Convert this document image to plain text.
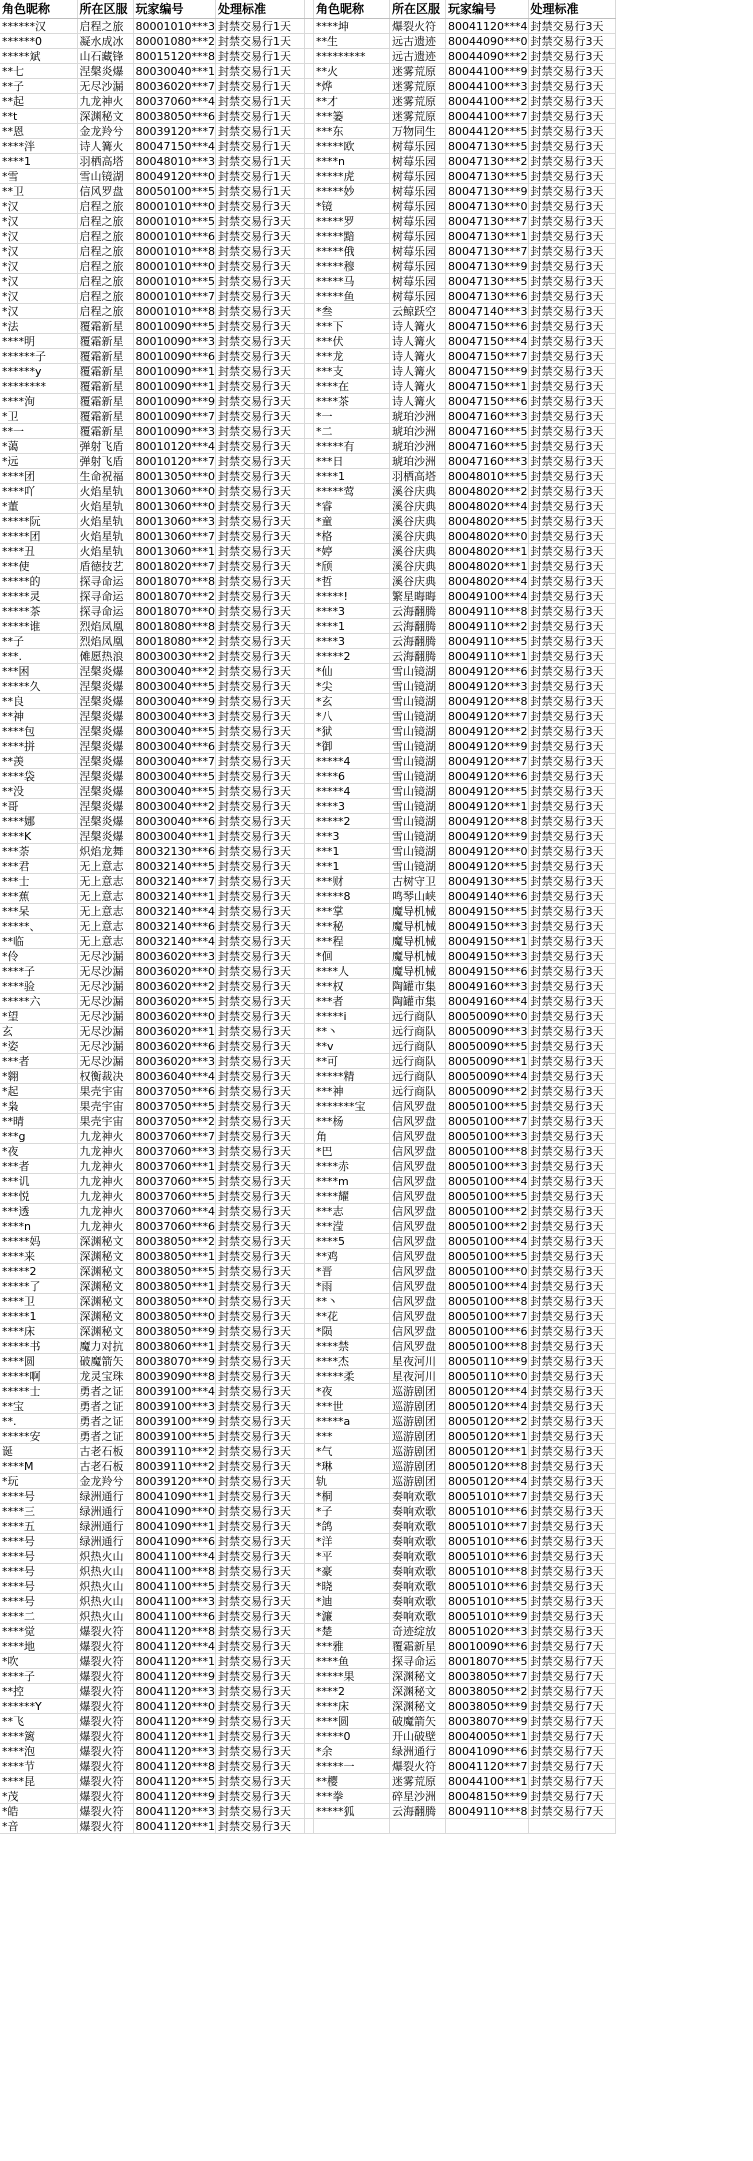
角色昵称	所在区服	玩家编号	处理标准		角色昵称	所在区服	玩家编号	处理标准
******汉	启程之旅	80001010***3	封禁交易行1天		****坤	爆裂火符	80041120***4	封禁交易行3天
******0	凝水成冰	80001080***2	封禁交易行1天		**生	远古遗迹	80044090***0	封禁交易行3天
*****斌	山石藏锋	80015120***8	封禁交易行1天		*********	远古遗迹	80044090***2	封禁交易行3天
**七	涅槃炎爆	80030040***1	封禁交易行1天		**火	迷雾荒原	80044100***9	封禁交易行3天
**子	无尽沙漏	80036020***7	封禁交易行1天		*烨	迷雾荒原	80044100***3	封禁交易行3天
**起	九龙神火	80037060***4	封禁交易行1天		**才	迷雾荒原	80044100***2	封禁交易行3天
**t	深渊秘文	80038050***6	封禁交易行1天		***篓	迷雾荒原	80044100***7	封禁交易行3天
**恩	金龙羚兮	80039120***7	封禁交易行1天		***东	万物同生	80044120***5	封禁交易行3天
****泮	诗人篝火	80047150***4	封禁交易行1天		*****欧	树莓乐园	80047130***5	封禁交易行3天
****1	羽栖高塔	80048010***3	封禁交易行1天		****n	树莓乐园	80047130***2	封禁交易行3天
*雪	雪山镜湖	80049120***0	封禁交易行1天		*****虎	树莓乐园	80047130***5	封禁交易行3天
**卫	信风罗盘	80050100***5	封禁交易行1天		*****妙	树莓乐园	80047130***9	封禁交易行3天
*汉	启程之旅	80001010***0	封禁交易行3天		*镜	树莓乐园	80047130***0	封禁交易行3天
*汉	启程之旅	80001010***5	封禁交易行3天		*****罗	树莓乐园	80047130***7	封禁交易行3天
*汉	启程之旅	80001010***6	封禁交易行3天		*****黯	树莓乐园	80047130***1	封禁交易行3天
*汉	启程之旅	80001010***8	封禁交易行3天		*****俄	树莓乐园	80047130***7	封禁交易行3天
*汉	启程之旅	80001010***0	封禁交易行3天		*****穆	树莓乐园	80047130***9	封禁交易行3天
*汉	启程之旅	80001010***5	封禁交易行3天		*****马	树莓乐园	80047130***5	封禁交易行3天
*汉	启程之旅	80001010***7	封禁交易行3天		*****鱼	树莓乐园	80047130***6	封禁交易行3天
*汉	启程之旅	80001010***8	封禁交易行3天		*叁	云鲸跃空	80047140***3	封禁交易行3天
*法	覆霜新星	80010090***5	封禁交易行3天		***下	诗人篝火	80047150***6	封禁交易行3天
****明	覆霜新星	80010090***3	封禁交易行3天		***伏	诗人篝火	80047150***4	封禁交易行3天
******子	覆霜新星	80010090***6	封禁交易行3天		***龙	诗人篝火	80047150***7	封禁交易行3天
******y	覆霜新星	80010090***1	封禁交易行3天		***支	诗人篝火	80047150***9	封禁交易行3天
********	覆霜新星	80010090***1	封禁交易行3天		****在	诗人篝火	80047150***1	封禁交易行3天
****洵	覆霜新星	80010090***9	封禁交易行3天		****茶	诗人篝火	80047150***6	封禁交易行3天
*卫	覆霜新星	80010090***7	封禁交易行3天		*一	琥珀沙洲	80047160***3	封禁交易行3天
**一	覆霜新星	80010090***3	封禁交易行3天		*二	琥珀沙洲	80047160***5	封禁交易行3天
*蔼	弹射飞盾	80010120***4	封禁交易行3天		*****有	琥珀沙洲	80047160***5	封禁交易行3天
*远	弹射飞盾	80010120***7	封禁交易行3天		***日	琥珀沙洲	80047160***3	封禁交易行3天
****团	生命祝福	80013050***0	封禁交易行3天		****1	羽栖高塔	80048010***5	封禁交易行3天
****吖	火焰星轨	80013060***0	封禁交易行3天		*****莺	溪谷庆典	80048020***2	封禁交易行3天
*董	火焰星轨	80013060***0	封禁交易行3天		*睿	溪谷庆典	80048020***4	封禁交易行3天
*****阮	火焰星轨	80013060***3	封禁交易行3天		*童	溪谷庆典	80048020***5	封禁交易行3天
*****团	火焰星轨	80013060***7	封禁交易行3天		*格	溪谷庆典	80048020***0	封禁交易行3天
****丑	火焰星轨	80013060***1	封禁交易行3天		*婷	溪谷庆典	80048020***1	封禁交易行3天
***使	盾徳技艺	80018020***7	封禁交易行3天		*颀	溪谷庆典	80048020***1	封禁交易行3天
*****的	探寻命运	80018070***8	封禁交易行3天		*哲	溪谷庆典	80048020***4	封禁交易行3天
*****灵	探寻命运	80018070***2	封禁交易行3天		*****!	繁星晦晦	80049100***4	封禁交易行3天
*****茶	探寻命运	80018070***0	封禁交易行3天		****3	云海翻腾	80049110***8	封禁交易行3天
*****谁	烈焰凤凰	80018080***8	封禁交易行3天		****1	云海翻腾	80049110***2	封禁交易行3天
**子	烈焰凤凰	80018080***2	封禁交易行3天		****3	云海翻腾	80049110***5	封禁交易行3天
***.	傩愿热浪	80030030***2	封禁交易行3天		*****2	云海翻腾	80049110***1	封禁交易行3天
***困	涅槃炎爆	80030040***2	封禁交易行3天		*仙	雪山镜湖	80049120***6	封禁交易行3天
*****久	涅槃炎爆	80030040***5	封禁交易行3天		*尖	雪山镜湖	80049120***3	封禁交易行3天
**良	涅槃炎爆	80030040***9	封禁交易行3天		*玄	雪山镜湖	80049120***8	封禁交易行3天
**神	涅槃炎爆	80030040***3	封禁交易行3天		*八	雪山镜湖	80049120***7	封禁交易行3天
****包	涅槃炎爆	80030040***5	封禁交易行3天		*狱	雪山镜湖	80049120***2	封禁交易行3天
****拼	涅槃炎爆	80030040***6	封禁交易行3天		*御	雪山镜湖	80049120***9	封禁交易行3天
**羡	涅槃炎爆	80030040***7	封禁交易行3天		*****4	雪山镜湖	80049120***7	封禁交易行3天
****袋	涅槃炎爆	80030040***5	封禁交易行3天		****6	雪山镜湖	80049120***6	封禁交易行3天
**没	涅槃炎爆	80030040***5	封禁交易行3天		*****4	雪山镜湖	80049120***5	封禁交易行3天
*哥	涅槃炎爆	80030040***2	封禁交易行3天		****3	雪山镜湖	80049120***1	封禁交易行3天
****娜	涅槃炎爆	80030040***6	封禁交易行3天		*****2	雪山镜湖	80049120***8	封禁交易行3天
****K	涅槃炎爆	80030040***1	封禁交易行3天		***3	雪山镜湖	80049120***9	封禁交易行3天
***荼	炽焰龙舞	80032130***6	封禁交易行3天		***1	雪山镜湖	80049120***0	封禁交易行3天
***君	无上意志	80032140***5	封禁交易行3天		***1	雪山镜湖	80049120***5	封禁交易行3天
***士	无上意志	80032140***7	封禁交易行3天		***财	古树守卫	80049130***5	封禁交易行3天
***蕉	无上意志	80032140***1	封禁交易行3天		*****8	鸣琴山峡	80049140***6	封禁交易行3天
***呆	无上意志	80032140***4	封禁交易行3天		***掌	魔导机械	80049150***5	封禁交易行3天
*****、	无上意志	80032140***6	封禁交易行3天		***秘	魔导机械	80049150***3	封禁交易行3天
**临	无上意志	80032140***4	封禁交易行3天		***程	魔导机械	80049150***1	封禁交易行3天
*伶	无尽沙漏	80036020***3	封禁交易行3天		*佪	魔导机械	80049150***3	封禁交易行3天
****子	无尽沙漏	80036020***0	封禁交易行3天		****人	魔导机械	80049150***6	封禁交易行3天
****验	无尽沙漏	80036020***2	封禁交易行3天		***权	陶罐市集	80049160***3	封禁交易行3天
*****六	无尽沙漏	80036020***5	封禁交易行3天		***者	陶罐市集	80049160***4	封禁交易行3天
*望	无尽沙漏	80036020***0	封禁交易行3天		*****i	远行商队	80050090***0	封禁交易行3天
玄	无尽沙漏	80036020***1	封禁交易行3天		**丶	远行商队	80050090***3	封禁交易行3天
*姿	无尽沙漏	80036020***6	封禁交易行3天		**v	远行商队	80050090***5	封禁交易行3天
***者	无尽沙漏	80036020***3	封禁交易行3天		**可	远行商队	80050090***1	封禁交易行3天
*翱	权衡裁决	80036040***4	封禁交易行3天		*****精	远行商队	80050090***4	封禁交易行3天
*起	果壳宇宙	80037050***6	封禁交易行3天		***神	远行商队	80050090***2	封禁交易行3天
*枭	果壳宇宙	80037050***5	封禁交易行3天		*******宝	信风罗盘	80050100***5	封禁交易行3天
**晴	果壳宇宙	80037050***2	封禁交易行3天		***杨	信风罗盘	80050100***7	封禁交易行3天
***g	九龙神火	80037060***7	封禁交易行3天		角	信风罗盘	80050100***3	封禁交易行3天
*夜	九龙神火	80037060***3	封禁交易行3天		*巴	信风罗盘	80050100***8	封禁交易行3天
***者	九龙神火	80037060***1	封禁交易行3天		****赤	信风罗盘	80050100***3	封禁交易行3天
***讥	九龙神火	80037060***5	封禁交易行3天		****m	信风罗盘	80050100***4	封禁交易行3天
***悦	九龙神火	80037060***5	封禁交易行3天		****耀	信风罗盘	80050100***5	封禁交易行3天
***透	九龙神火	80037060***4	封禁交易行3天		***志	信风罗盘	80050100***2	封禁交易行3天
****n	九龙神火	80037060***6	封禁交易行3天		***滢	信风罗盘	80050100***2	封禁交易行3天
*****妈	深渊秘文	80038050***2	封禁交易行3天		****5	信风罗盘	80050100***4	封禁交易行3天
****来	深渊秘文	80038050***1	封禁交易行3天		**鸡	信风罗盘	80050100***5	封禁交易行3天
*****2	深渊秘文	80038050***5	封禁交易行3天		*晋	信风罗盘	80050100***0	封禁交易行3天
*****了	深渊秘文	80038050***1	封禁交易行3天		*雨	信风罗盘	80050100***4	封禁交易行3天
****卫	深渊秘文	80038050***0	封禁交易行3天		**丶	信风罗盘	80050100***8	封禁交易行3天
*****1	深渊秘文	80038050***0	封禁交易行3天		**花	信风罗盘	80050100***7	封禁交易行3天
****床	深渊秘文	80038050***9	封禁交易行3天		*陨	信风罗盘	80050100***6	封禁交易行3天
*****书	魔力对抗	80038060***1	封禁交易行3天		****禁	信风罗盘	80050100***8	封禁交易行3天
****圆	破魔箭矢	80038070***9	封禁交易行3天		****杰	星夜河川	80050110***9	封禁交易行3天
*****啊	龙灵宝珠	80039090***8	封禁交易行3天		*****柔	星夜河川	80050110***0	封禁交易行3天
*****士	勇者之证	80039100***4	封禁交易行3天		*夜	巡游剧团	80050120***4	封禁交易行3天
**宝	勇者之证	80039100***3	封禁交易行3天		***世	巡游剧团	80050120***4	封禁交易行3天
**.	勇者之证	80039100***9	封禁交易行3天		*****a	巡游剧团	80050120***2	封禁交易行3天
*****安	勇者之证	80039100***5	封禁交易行3天		***	巡游剧团	80050120***1	封禁交易行3天
诞	古老石板	80039110***2	封禁交易行3天		*气	巡游剧团	80050120***1	封禁交易行3天
****M	古老石板	80039110***2	封禁交易行3天		*琳	巡游剧团	80050120***8	封禁交易行3天
*玩	金龙羚兮	80039120***0	封禁交易行3天		轨	巡游剧团	80050120***4	封禁交易行3天
****号	绿洲通行	80041090***1	封禁交易行3天		*桐	奏响欢歌	80051010***7	封禁交易行3天
****三	绿洲通行	80041090***0	封禁交易行3天		*子	奏响欢歌	80051010***6	封禁交易行3天
****五	绿洲通行	80041090***1	封禁交易行3天		*鸽	奏响欢歌	80051010***7	封禁交易行3天
****号	绿洲通行	80041090***6	封禁交易行3天		*洋	奏响欢歌	80051010***6	封禁交易行3天
****号	炽热火山	80041100***4	封禁交易行3天		*平	奏响欢歌	80051010***6	封禁交易行3天
****号	炽热火山	80041100***8	封禁交易行3天		*豪	奏响欢歌	80051010***8	封禁交易行3天
****号	炽热火山	80041100***5	封禁交易行3天		*晓	奏响欢歌	80051010***6	封禁交易行3天
****号	炽热火山	80041100***3	封禁交易行3天		*迪	奏响欢歌	80051010***5	封禁交易行3天
****二	炽热火山	80041100***6	封禁交易行3天		*濂	奏响欢歌	80051010***9	封禁交易行3天
****觉	爆裂火符	80041120***8	封禁交易行3天		*楚	奇迹绽放	80051020***3	封禁交易行3天
****地	爆裂火符	80041120***4	封禁交易行3天		***雅	覆霜新星	80010090***6	封禁交易行7天
*吹	爆裂火符	80041120***1	封禁交易行3天		****鱼	探寻命运	80018070***5	封禁交易行7天
****子	爆裂火符	80041120***9	封禁交易行3天		*****果	深渊秘文	80038050***7	封禁交易行7天
**控	爆裂火符	80041120***3	封禁交易行3天		****2	深渊秘文	80038050***2	封禁交易行7天
******Y	爆裂火符	80041120***0	封禁交易行3天		****床	深渊秘文	80038050***9	封禁交易行7天
**飞	爆裂火符	80041120***9	封禁交易行3天		****圆	破魔箭矢	80038070***9	封禁交易行7天
****篱	爆裂火符	80041120***1	封禁交易行3天		*****0	开山破壁	80040050***1	封禁交易行7天
****泡	爆裂火符	80041120***3	封禁交易行3天		*余	绿洲通行	80041090***6	封禁交易行7天
****节	爆裂火符	80041120***8	封禁交易行3天		*****一	爆裂火符	80041120***7	封禁交易行7天
****昆	爆裂火符	80041120***5	封禁交易行3天		**樱	迷雾荒原	80044100***1	封禁交易行7天
*茂	爆裂火符	80041120***9	封禁交易行3天		***拳	碎星沙洲	80048150***9	封禁交易行7天
*皓	爆裂火符	80041120***3	封禁交易行3天		*****狐	云海翻腾	80049110***8	封禁交易行7天
*音	爆裂火符	80041120***1	封禁交易行3天					
